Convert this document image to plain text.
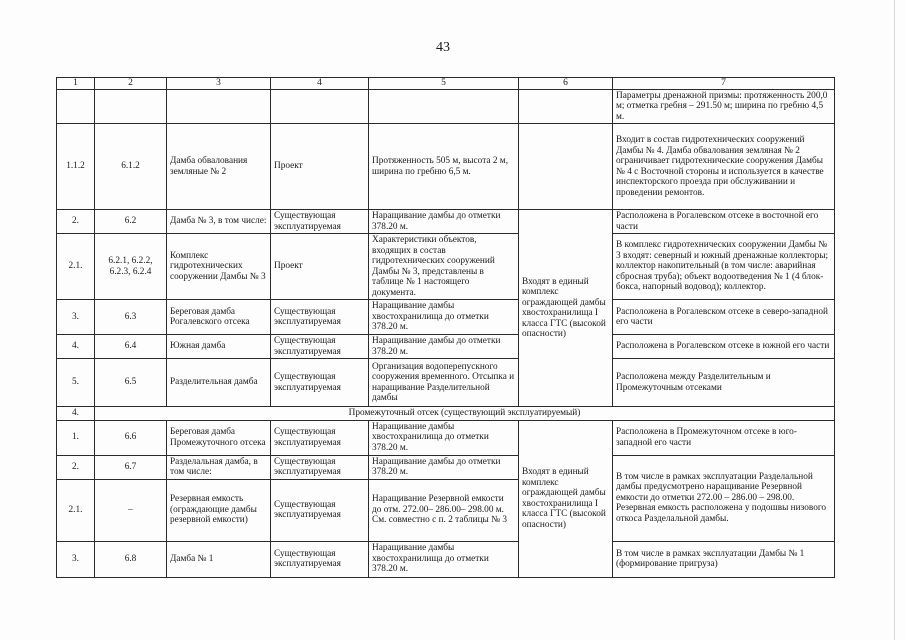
43
1	2	3	4	5	6	7
						Параметры дренажной призмы: протяженность 200,0 м; отметка гребня – 291.50 м; ширина по гребню 4,5 м.
1.1.2	6.1.2	Дамба обвалования земляные № 2	Проект	Протяженность 505 м, высота 2 м, ширина по гребню 6,5 м.		Входит в состав гидротехнических сооружений Дамбы № 4. Дамба обвалования земляная № 2 ограничивает гидротехнические сооружения Дамбы № 4 с Восточной стороны и используется в качестве инспекторского проезда при обслуживании и проведении ремонтов.
2.	6.2	Дамба № 3, в том числе:	Существующая эксплуатируемая	Наращивание дамбы до отметки 378.20 м.	Входят в единый комплекс ограждающей дамбы хвостохранилища I класса ГТС (высокой опасности)	Расположена в Рогалевском отсеке в восточной его части
2.1.	6.2.1, 6.2.2, 6.2.3, 6.2.4	Комплекс гидротехнических сооружении Дамбы № 3	Проект	Характеристики объектов, входящих в состав гидротехнических сооружений Дамбы № 3, представлены в таблице № 1 настоящего документа.		В комплекс гидротехнических сооружении Дамбы № 3 входят: северный и южный дренажные коллекторы; коллектор накопительный (в том числе: аварийная сбросная труба); объект водоотведения № 1 (4 блок-бокса, напорный водовод); коллектор.
3.	6.3	Береговая дамба Рогалевского отсека	Существующая эксплуатируемая	Наращивание дамбы хвостохранилища до отметки 378.20 м.		Расположена в Рогалевском отсеке в северо-западной его части
4.	6.4	Южная дамба	Существующая эксплуатируемая	Наращивание дамбы до отметки 378.20 м.		Расположена в Рогалевском отсеке в южной его части
5.	6.5	Разделительная дамба	Существующая эксплуатируемая	Организация водоперепускного сооружения временного. Отсыпка и наращивание Разделительной дамбы		Расположена между Разделительным и Промежуточным отсеками
4.	Промежуточный отсек (существующий эксплуатируемый)					
1.	6.6	Береговая дамба Промежуточного отсека	Существующая эксплуатируемая	Наращивание дамбы хвостохранилища до отметки 378.20 м.	Входят в единый комплекс ограждающей дамбы хвостохранилища I класса ГТС (высокой опасности)	Расположена в Промежуточном отсеке в юго-западной его части
2.	6.7	Разделальная дамба, в том числе:	Существующая эксплуатируемая	Наращивание дамбы до отметки 378.20 м.		В том числе в рамках эксплуатации Разделальной дамбы предусмотрено наращивание Резервной емкости до отметки 272.00 – 286.00 – 298.00. Резервная емкость расположена у подошвы низового откоса Разделальной дамбы.
2.1.	–	Резервная емкость (ограждающие дамбы резервной емкости)	Существующая эксплуатируемая	Наращивание Резервной емкости до отм. 272.00– 286.00– 298.00 м. См. совместно с п. 2 таблицы № 3		
3.	6.8	Дамба № 1	Существующая эксплуатируемая	Наращивание дамбы хвостохранилища до отметки 378.20 м.		В том числе в рамках эксплуатации Дамбы № 1 (формирование пригруза)
